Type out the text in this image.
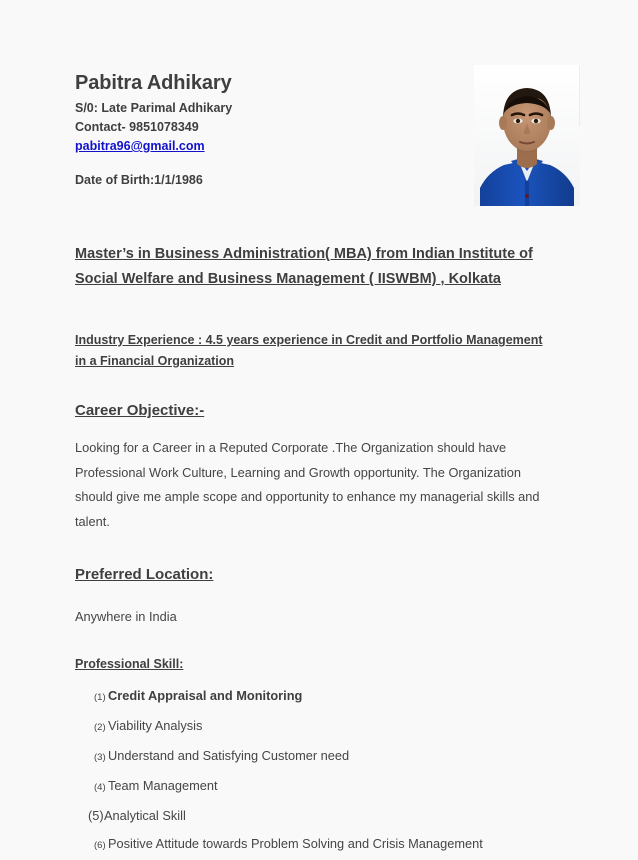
Pabitra Adhikary
S/0: Late Parimal Adhikary
Contact- 9851078349
pabitra96@gmail.com
Date of Birth:1/1/1986
Master’s in Business Administration( MBA) from Indian Institute of Social Welfare and Business Management ( IISWBM) , Kolkata
Industry Experience : 4.5 years experience in Credit and Portfolio Management in a Financial Organization
Career Objective:-
Looking for a Career in a Reputed Corporate .The Organization should have Professional Work Culture, Learning and Growth opportunity. The Organization should give me ample scope and opportunity to enhance my managerial skills and talent.
Preferred Location:
Anywhere in India
Professional Skill:
(1) Credit Appraisal and Monitoring
(2) Viability Analysis
(3) Understand and Satisfying Customer need
(4) Team Management
(5) Analytical Skill
(6) Positive Attitude towards Problem Solving and Crisis Management
